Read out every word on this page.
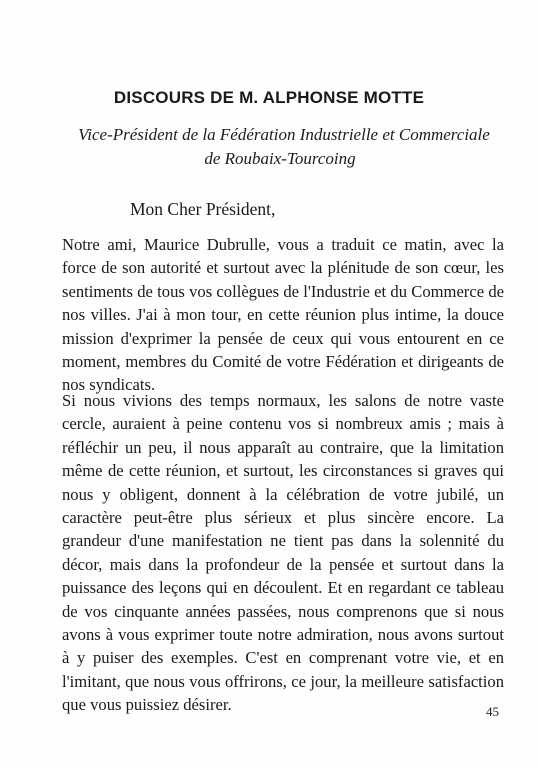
DISCOURS DE M. ALPHONSE MOTTE
Vice-Président de la Fédération Industrielle et Commerciale
de Roubaix-Tourcoing
Mon Cher Président,

Notre ami, Maurice Dubrulle, vous a traduit ce matin, avec la force de son autorité et surtout avec la plénitude de son cœur, les sentiments de tous vos collègues de l'Industrie et du Commerce de nos villes. J'ai à mon tour, en cette réunion plus intime, la douce mission d'exprimer la pensée de ceux qui vous entourent en ce moment, membres du Comité de votre Fédération et dirigeants de nos syndicats.

Si nous vivions des temps normaux, les salons de notre vaste cercle, auraient à peine contenu vos si nombreux amis ; mais à réfléchir un peu, il nous apparaît au contraire, que la limitation même de cette réunion, et surtout, les circonstances si graves qui nous y obligent, donnent à la célébration de votre jubilé, un caractère peut-être plus sérieux et plus sincère encore. La grandeur d'une manifestation ne tient pas dans la solennité du décor, mais dans la profondeur de la pensée et surtout dans la puissance des leçons qui en découlent. Et en regardant ce tableau de vos cinquante années passées, nous comprenons que si nous avons à vous exprimer toute notre admiration, nous avons surtout à y puiser des exemples. C'est en comprenant votre vie, et en l'imitant, que nous vous offrirons, ce jour, la meilleure satisfaction que vous puissiez désirer.	45
